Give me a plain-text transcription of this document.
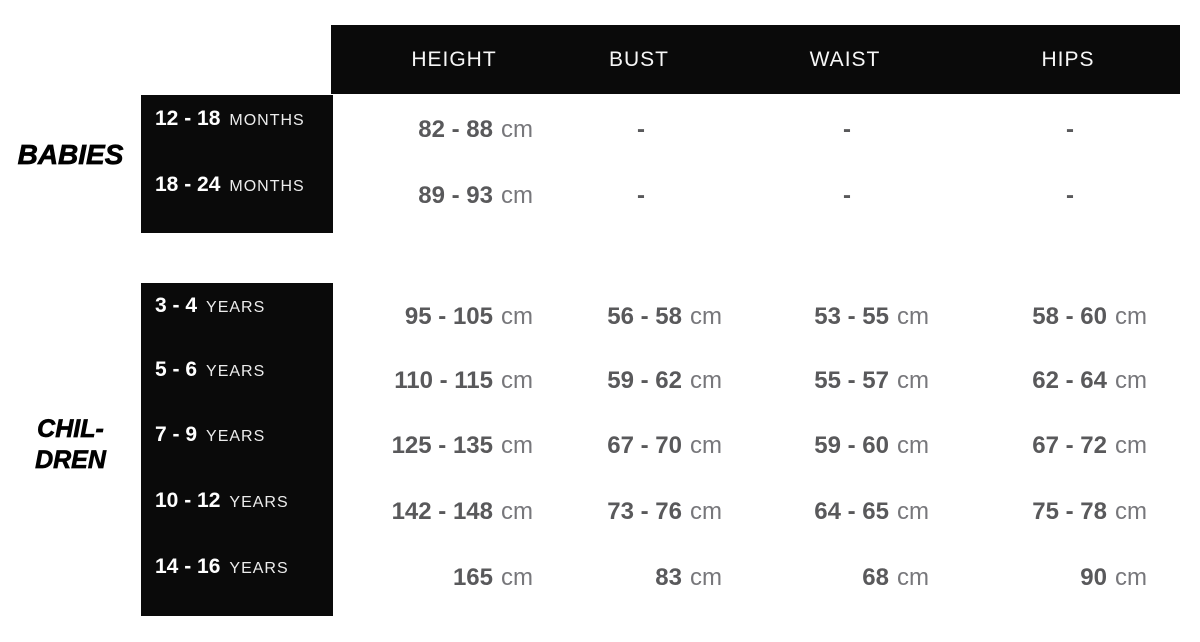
HEIGHT	BUST	WAIST	HIPS
BABIES
CHIL-
DREN
12 - 18 MONTHS	82 - 88 cm	-	-	-
18 - 24 MONTHS	89 - 93 cm	-	-	-
3 - 4 YEARS	95 - 105 cm	56 - 58 cm	53 - 55 cm	58 - 60 cm
5 - 6 YEARS	110 - 115 cm	59 - 62 cm	55 - 57 cm	62 - 64 cm
7 - 9 YEARS	125 - 135 cm	67 - 70 cm	59 - 60 cm	67 - 72 cm
10 - 12 YEARS	142 - 148 cm	73 - 76 cm	64 - 65 cm	75 - 78 cm
14 - 16 YEARS	165 cm	83 cm	68 cm	90 cm
